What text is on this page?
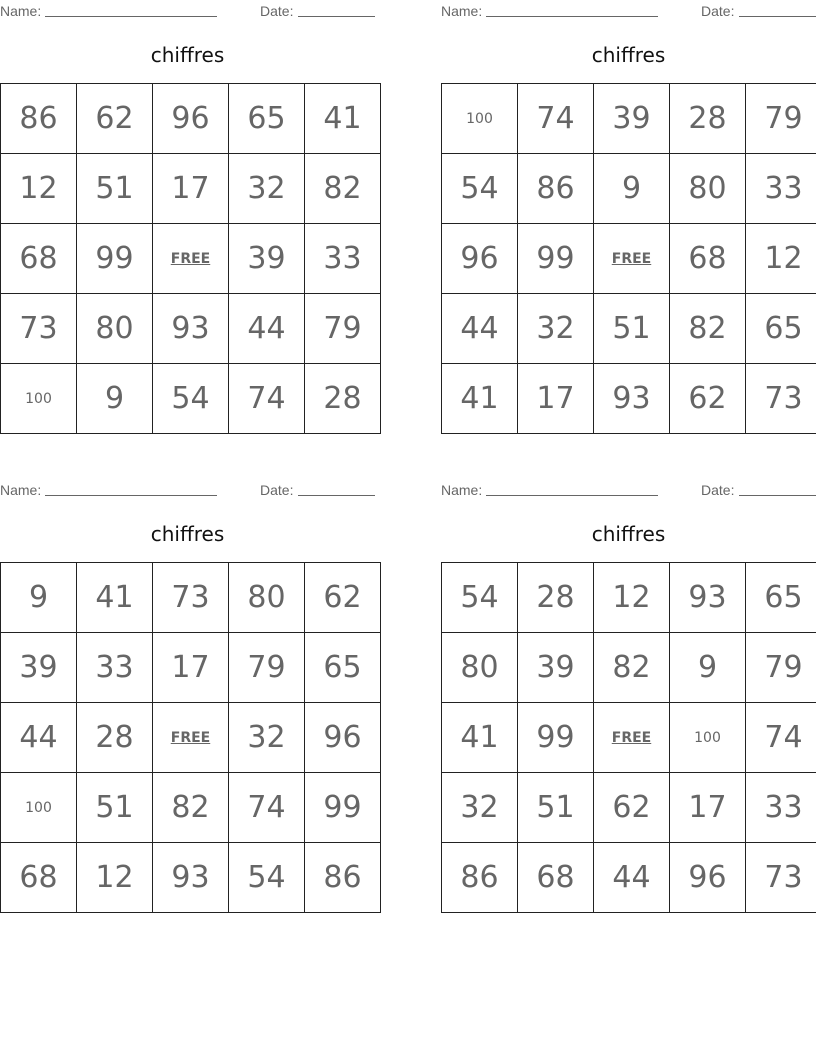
Name:	Date:
chiffres
86	62	96	65	41
12	51	17	32	82
68	99	FREE	39	33
73	80	93	44	79
100	9	54	74	28
Name:	Date:
chiffres
100	74	39	28	79
54	86	9	80	33
96	99	FREE	68	12
44	32	51	82	65
41	17	93	62	73
Name:	Date:
chiffres
9	41	73	80	62
39	33	17	79	65
44	28	FREE	32	96
100	51	82	74	99
68	12	93	54	86
Name:	Date:
chiffres
54	28	12	93	65
80	39	82	9	79
41	99	FREE	100	74
32	51	62	17	33
86	68	44	96	73
